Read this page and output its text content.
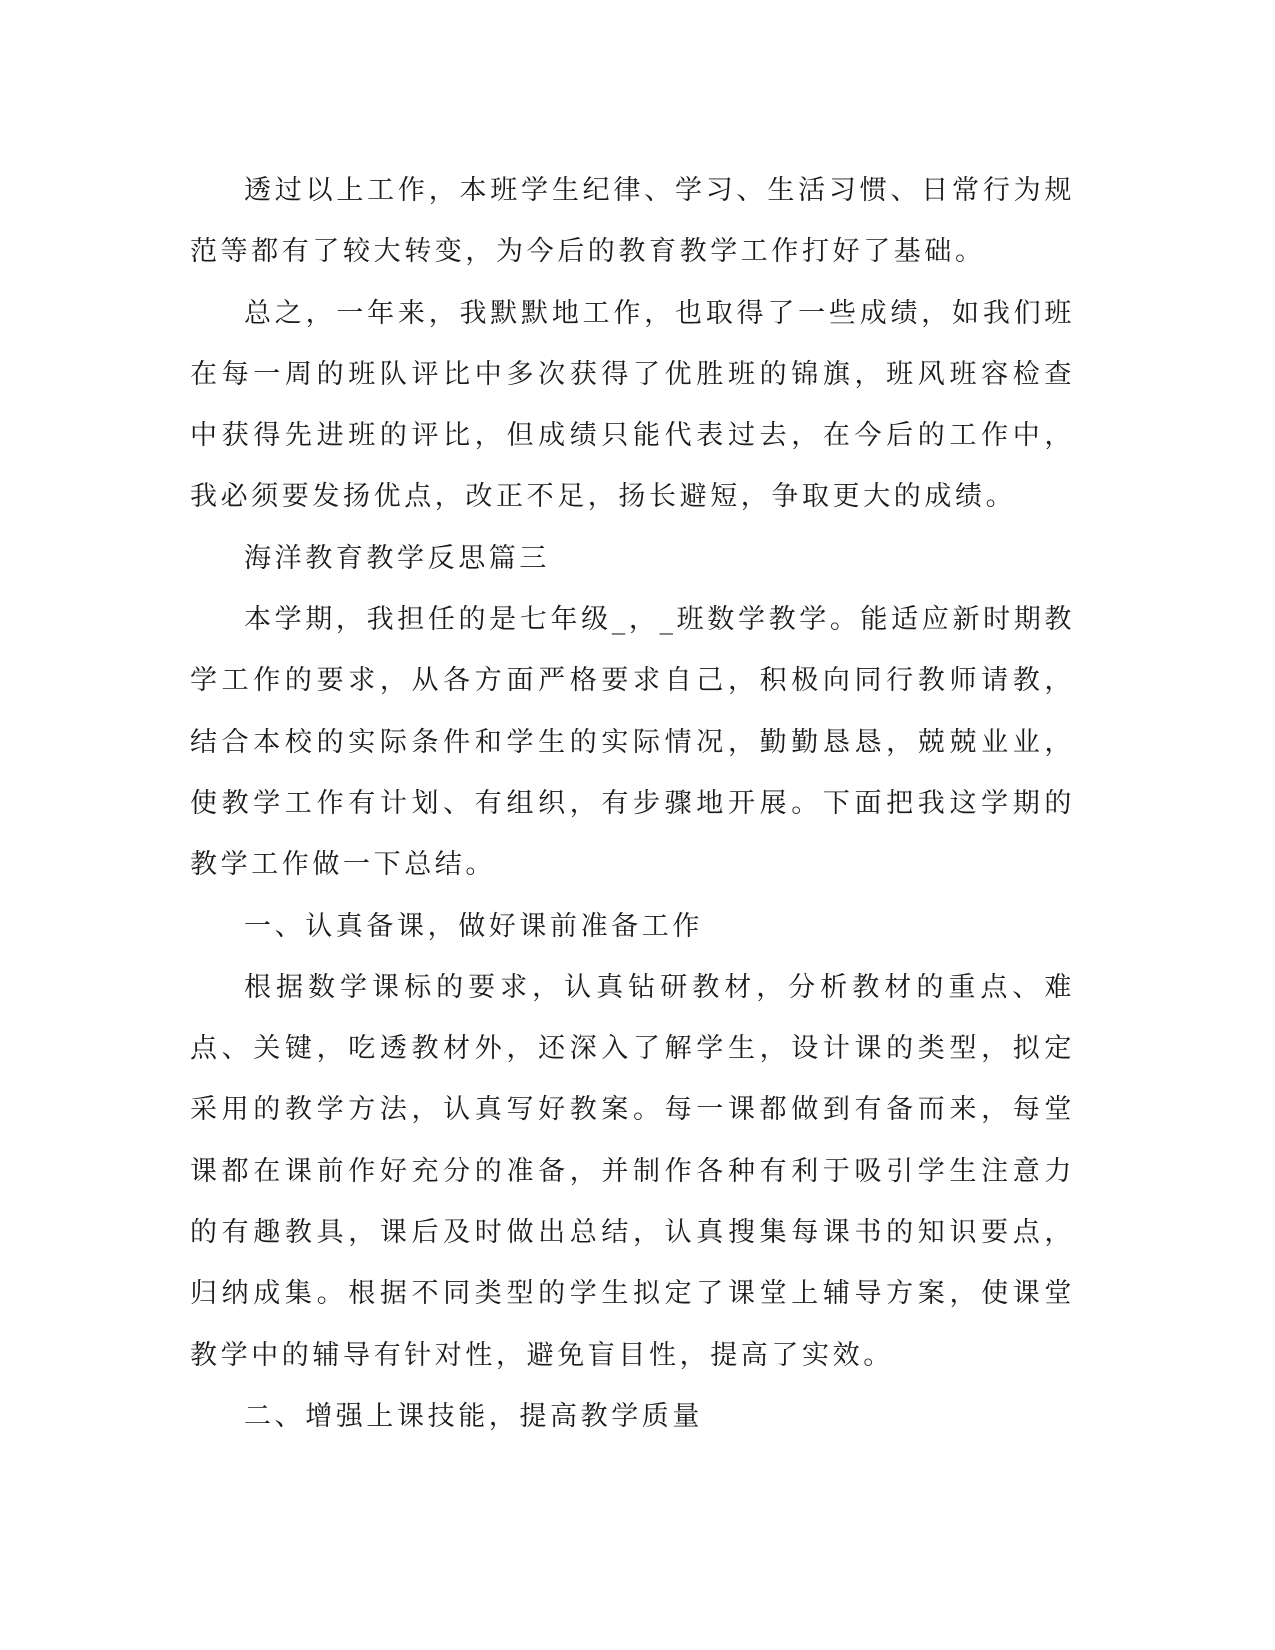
透过以上工作，本班学生纪律、学习、生活习惯、日常行为规范等都有了较大转变，为今后的教育教学工作打好了基础。

总之，一年来，我默默地工作，也取得了一些成绩，如我们班在每一周的班队评比中多次获得了优胜班的锦旗，班风班容检查中获得先进班的评比，但成绩只能代表过去，在今后的工作中，我必须要发扬优点，改正不足，扬长避短，争取更大的成绩。

海洋教育教学反思篇三

本学期，我担任的是七年级_，_班数学教学。能适应新时期教学工作的要求，从各方面严格要求自己，积极向同行教师请教，结合本校的实际条件和学生的实际情况，勤勤恳恳，兢兢业业，使教学工作有计划、有组织，有步骤地开展。下面把我这学期的教学工作做一下总结。

一、认真备课，做好课前准备工作

根据数学课标的要求，认真钻研教材，分析教材的重点、难点、关键，吃透教材外，还深入了解学生，设计课的类型，拟定采用的教学方法，认真写好教案。每一课都做到有备而来，每堂课都在课前作好充分的准备，并制作各种有利于吸引学生注意力的有趣教具，课后及时做出总结，认真搜集每课书的知识要点，归纳成集。根据不同类型的学生拟定了课堂上辅导方案，使课堂教学中的辅导有针对性，避免盲目性，提高了实效。

二、增强上课技能，提高教学质量
